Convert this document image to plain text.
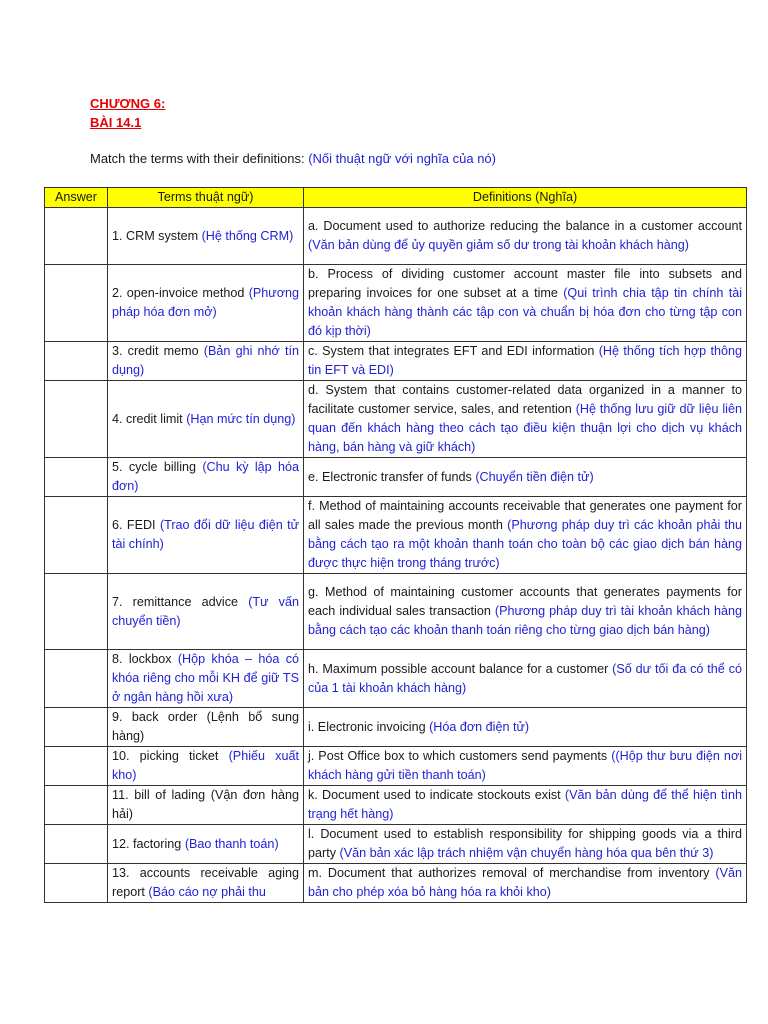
CHƯƠNG 6:
BÀI 14.1
Match the terms with their definitions: (Nối thuật ngữ với nghĩa của nó)
Answer	Terms thuật ngữ)	Definitions (Nghĩa)
	1. CRM system (Hệ thống CRM)	a. Document used to authorize reducing the balance in a customer account (Văn bản dùng để ủy quyền giảm số dư trong tài khoản khách hàng)
	2. open-invoice method (Phương pháp hóa đơn mở)	b. Process of dividing customer account master file into subsets and preparing invoices for one subset at a time (Qui trình chia tập tin chính tài khoản khách hàng thành các tập con và chuẩn bị hóa đơn cho từng tập con đó kịp thời)
	3. credit memo (Bản ghi nhớ tín dụng)	c. System that integrates EFT and EDI information (Hệ thống tích hợp thông tin EFT và EDI)
	4. credit limit (Hạn mức tín dụng)	d. System that contains customer-related data organized in a manner to facilitate customer service, sales, and retention (Hệ thống lưu giữ dữ liệu liên quan đến khách hàng theo cách tạo điều kiện thuận lợi cho dịch vụ khách hàng, bán hàng và giữ khách)
	5. cycle billing (Chu kỳ lập hóa đơn)	e. Electronic transfer of funds (Chuyển tiền điện tử)
	6. FEDI (Trao đổi dữ liệu điện tử tài chính)	f. Method of maintaining accounts receivable that generates one payment for all sales made the previous month (Phương pháp duy trì các khoản phải thu bằng cách tạo ra một khoản thanh toán cho toàn bộ các giao dịch bán hàng được thực hiện trong tháng trước)
	7. remittance advice (Tư vấn chuyển tiền)	g. Method of maintaining customer accounts that generates payments for each individual sales transaction (Phương pháp duy trì tài khoản khách hàng bằng cách tạo các khoản thanh toán riêng cho từng giao dịch bán hàng)
	8. lockbox (Hộp khóa – hóa có khóa riêng cho mỗi KH để giữ TS ở ngân hàng hồi xưa)	h. Maximum possible account balance for a customer (Số dư tối đa có thể có của 1 tài khoản khách hàng)
	9. back order (Lệnh bổ sung hàng)	i. Electronic invoicing (Hóa đơn điện tử)
	10. picking ticket (Phiếu xuất kho)	j. Post Office box to which customers send payments ((Hộp thư bưu điện nơi khách hàng gửi tiền thanh toán)
	11. bill of lading (Vận đơn hàng hải)	k. Document used to indicate stockouts exist (Văn bản dùng để thể hiện tình trạng hết hàng)
	12. factoring (Bao thanh toán)	l. Document used to establish responsibility for shipping goods via a third party (Văn bản xác lập trách nhiệm vận chuyển hàng hóa qua bên thứ 3)
	13. accounts receivable aging report (Báo cáo nợ phải thu	m. Document that authorizes removal of merchandise from inventory (Văn bản cho phép xóa bỏ hàng hóa ra khỏi kho)
